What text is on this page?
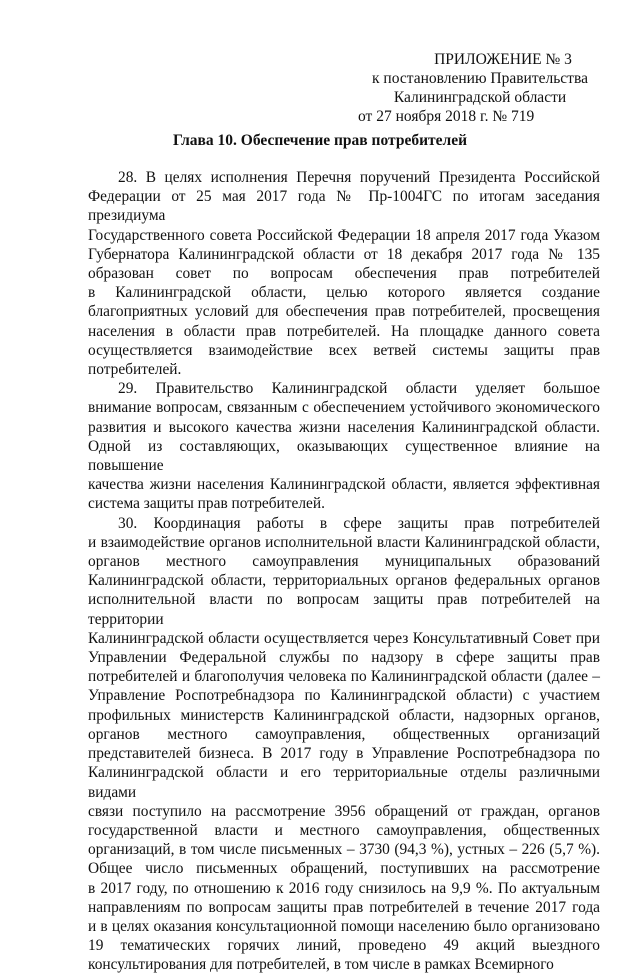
ПРИЛОЖЕНИЕ № 3
к постановлению Правительства
Калининградской области
от 27 ноября 2018 г. № 719
Глава 10. Обеспечение прав потребителей

28. В целях исполнения Перечня поручений Президента Российской
Федерации от 25 мая 2017 года № Пр-1004ГС по итогам заседания президиума
Государственного совета Российской Федерации 18 апреля 2017 года Указом
Губернатора Калининградской области от 18 декабря 2017 года № 135
образован совет по вопросам обеспечения прав потребителей
в Калининградской области, целью которого является создание
благоприятных условий для обеспечения прав потребителей, просвещения
населения в области прав потребителей. На площадке данного совета
осуществляется взаимодействие всех ветвей системы защиты прав
потребителей.

29. Правительство Калининградской области уделяет большое
внимание вопросам, связанным с обеспечением устойчивого экономического
развития и высокого качества жизни населения Калининградской области.
Одной из составляющих, оказывающих существенное влияние на повышение
качества жизни населения Калининградской области, является эффективная
система защиты прав потребителей.

30. Координация работы в сфере защиты прав потребителей
и взаимодействие органов исполнительной власти Калининградской области,
органов местного самоуправления муниципальных образований
Калининградской области, территориальных органов федеральных органов
исполнительной власти по вопросам защиты прав потребителей на территории
Калининградской области осуществляется через Консультативный Совет при
Управлении Федеральной службы по надзору в сфере защиты прав
потребителей и благополучия человека по Калининградской области (далее –
Управление Роспотребнадзора по Калининградской области) с участием
профильных министерств Калининградской области, надзорных органов,
органов местного самоуправления, общественных организаций
представителей бизнеса. В 2017 году в Управление Роспотребнадзора по
Калининградской области и его территориальные отделы различными видами
связи поступило на рассмотрение 3956 обращений от граждан, органов
государственной власти и местного самоуправления, общественных
организаций, в том числе письменных – 3730 (94,3 %), устных – 226 (5,7 %).
Общее число письменных обращений, поступивших на рассмотрение
в 2017 году, по отношению к 2016 году снизилось на 9,9 %. По актуальным
направлениям по вопросам защиты прав потребителей в течение 2017 года
и в целях оказания консультационной помощи населению было организовано
19 тематических горячих линий, проведено 49 акций выездного
консультирования для потребителей, в том числе в рамках Всемирного
